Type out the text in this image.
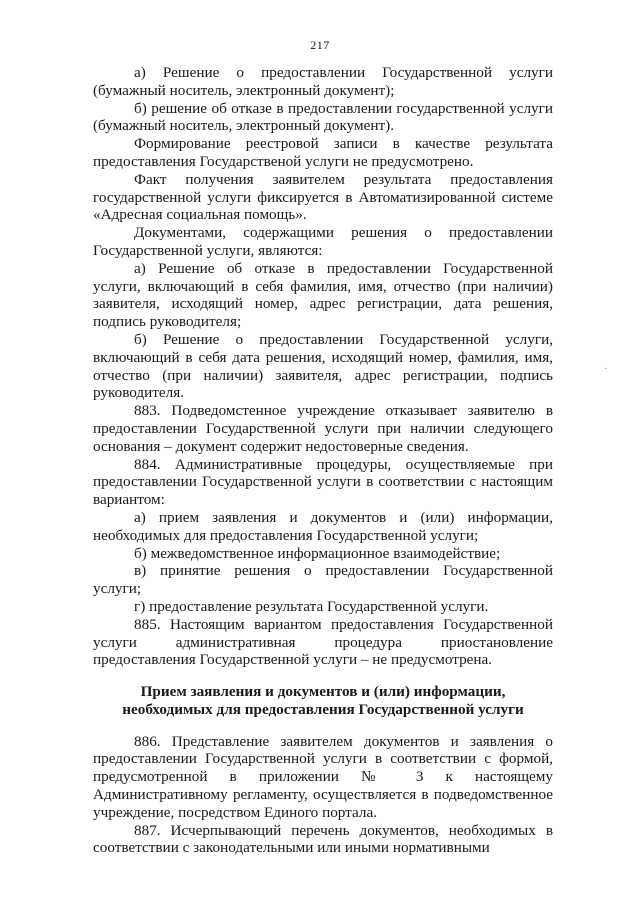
217

а) Решение о предоставлении Государственной услуги (бумажный носитель, электронный документ);

б) решение об отказе в предоставлении государственной услуги (бумажный носитель, электронный документ).

Формирование реестровой записи в качестве результата предоставления Государственой услуги не предусмотрено.

Факт получения заявителем результата предоставления государственной услуги фиксируется в Автоматизированной системе «Адресная социальная помощь».

Документами, содержащими решения о предоставлении Государственной услуги, являются:

а) Решение об отказе в предоставлении Государственной услуги, включающий в себя фамилия, имя, отчество (при наличии) заявителя, исходящий номер, адрес регистрации, дата решения, подпись руководителя;

б) Решение о предоставлении Государственной услуги, включающий в себя дата решения, исходящий номер, фамилия, имя, отчество (при наличии) заявителя, адрес регистрации, подпись руководителя.

883. Подведомстенное учреждение отказывает заявителю в предоставлении Государственной услуги при наличии следующего основания – документ содержит недостоверные сведения.

884. Административные процедуры, осуществляемые при предоставлении Государственной услуги в соответствии с настоящим вариантом:

а) прием заявления и документов и (или) информации, необходимых для предоставления Государственной услуги;

б) межведомственное информационное взаимодействие;

в) принятие решения о предоставлении Государственной услуги;

г) предоставление результата Государственной услуги.

885. Настоящим вариантом предоставления Государственной услуги административная процедура приостановление предоставления Государственной услуги – не предусмотрена.

Прием заявления и документов и (или) информации,

необходимых для предоставления Государственной услуги

886. Представление заявителем документов и заявления о предоставлении Государственной услуги в соответствии с формой, предусмотренной в приложении № 3 к настоящему Административному регламенту, осуществляется в подведомственное учреждение, посредством Единого портала.

887. Исчерпывающий перечень документов, необходимых в соответствии с законодательными или иными нормативными

·
